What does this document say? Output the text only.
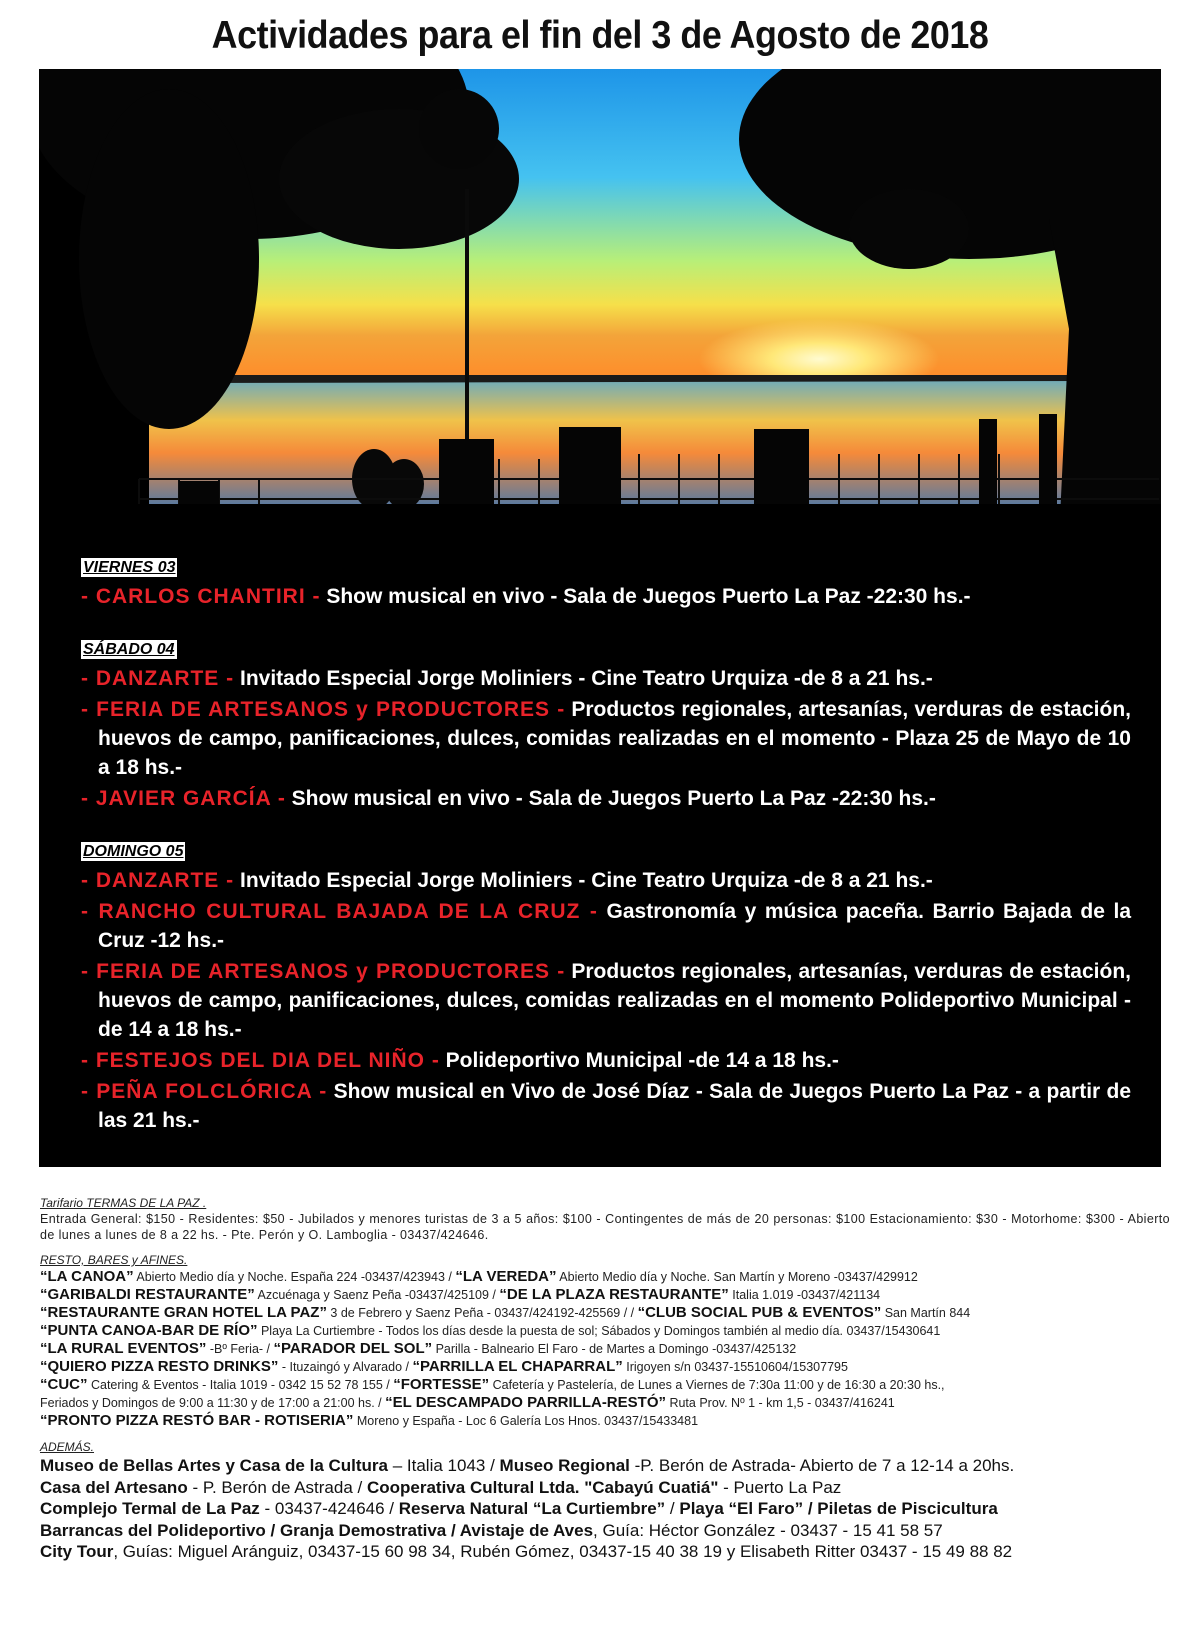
Actividades para el fin del 3 de Agosto de 2018
VIERNES 03
- CARLOS CHANTIRI - Show musical en vivo - Sala de Juegos Puerto La Paz -22:30 hs.-
SÁBADO 04
- DANZARTE - Invitado Especial Jorge Moliniers - Cine Teatro Urquiza -de 8 a 21 hs.-
- FERIA DE ARTESANOS y PRODUCTORES - Productos regionales, artesanías, verduras de estación, huevos de campo, panificaciones, dulces, comidas realizadas en el momento - Plaza 25 de Mayo de 10 a 18 hs.-
- JAVIER GARCÍA - Show musical en vivo - Sala de Juegos Puerto La Paz -22:30 hs.-
DOMINGO 05
- DANZARTE - Invitado Especial Jorge Moliniers - Cine Teatro Urquiza -de 8 a 21 hs.-
- RANCHO CULTURAL BAJADA DE LA CRUZ - Gastronomía y música paceña. Barrio Bajada de la Cruz -12 hs.-
- FERIA DE ARTESANOS y PRODUCTORES - Productos regionales, artesanías, verduras de estación, huevos de campo, panificaciones, dulces, comidas realizadas en el momento Polideportivo Municipal -de 14 a 18 hs.-
- FESTEJOS DEL DIA DEL NIÑO - Polideportivo Municipal -de 14 a 18 hs.-
- PEÑA FOLCLÓRICA - Show musical en Vivo de José Díaz - Sala de Juegos Puerto La Paz - a partir de las 21 hs.-
Tarifario TERMAS DE LA PAZ .
Entrada General: $150 - Residentes: $50 - Jubilados y menores turistas de 3 a 5 años: $100 - Contingentes de más de 20 personas: $100 Estacionamiento: $30 - Motorhome: $300 - Abierto de lunes a lunes de 8 a 22 hs. - Pte. Perón y O. Lamboglia - 03437/424646.
RESTO, BARES y AFINES.
“LA CANOA” Abierto Medio día y Noche. España 224 -03437/423943 / “LA VEREDA” Abierto Medio día y Noche. San Martín y Moreno -03437/429912
“GARIBALDI RESTAURANTE” Azcuénaga y Saenz Peña -03437/425109 / “DE LA PLAZA RESTAURANTE” Italia 1.019 -03437/421134
“RESTAURANTE GRAN HOTEL LA PAZ” 3 de Febrero y Saenz Peña - 03437/424192-425569 / / “CLUB SOCIAL PUB & EVENTOS” San Martín 844
“PUNTA CANOA-BAR DE RÍO” Playa La Curtiembre - Todos los días desde la puesta de sol; Sábados y Domingos también al medio día. 03437/15430641
“LA RURAL EVENTOS” -Bº Feria- / “PARADOR DEL SOL” Parilla - Balneario El Faro - de Martes a Domingo -03437/425132
“QUIERO PIZZA RESTO DRINKS” - Ituzaingó y Alvarado / “PARRILLA EL CHAPARRAL” Irigoyen s/n 03437-15510604/15307795
“CUC” Catering & Eventos - Italia 1019 - 0342 15 52 78 155 / “FORTESSE” Cafetería y Pastelería, de Lunes a Viernes de 7:30a 11:00 y de 16:30 a 20:30 hs.,
Feriados y Domingos de 9:00 a 11:30 y de 17:00 a 21:00 hs. / “EL DESCAMPADO PARRILLA-RESTÓ” Ruta Prov. Nº 1 - km 1,5 - 03437/416241
“PRONTO PIZZA RESTÓ BAR - ROTISERIA” Moreno y España - Loc 6 Galería Los Hnos. 03437/15433481
ADEMÁS.
Museo de Bellas Artes y Casa de la Cultura – Italia 1043 / Museo Regional -P. Berón de Astrada- Abierto de 7 a 12-14 a 20hs.
Casa del Artesano - P. Berón de Astrada / Cooperativa Cultural Ltda. "Cabayú Cuatiá" - Puerto La Paz
Complejo Termal de La Paz - 03437-424646 / Reserva Natural “La Curtiembre” / Playa “El Faro” / Piletas de Piscicultura
Barrancas del Polideportivo / Granja Demostrativa / Avistaje de Aves, Guía: Héctor González - 03437 - 15 41 58 57
City Tour, Guías: Miguel Aránguiz, 03437-15 60 98 34, Rubén Gómez, 03437-15 40 38 19 y Elisabeth Ritter 03437 - 15 49 88 82
